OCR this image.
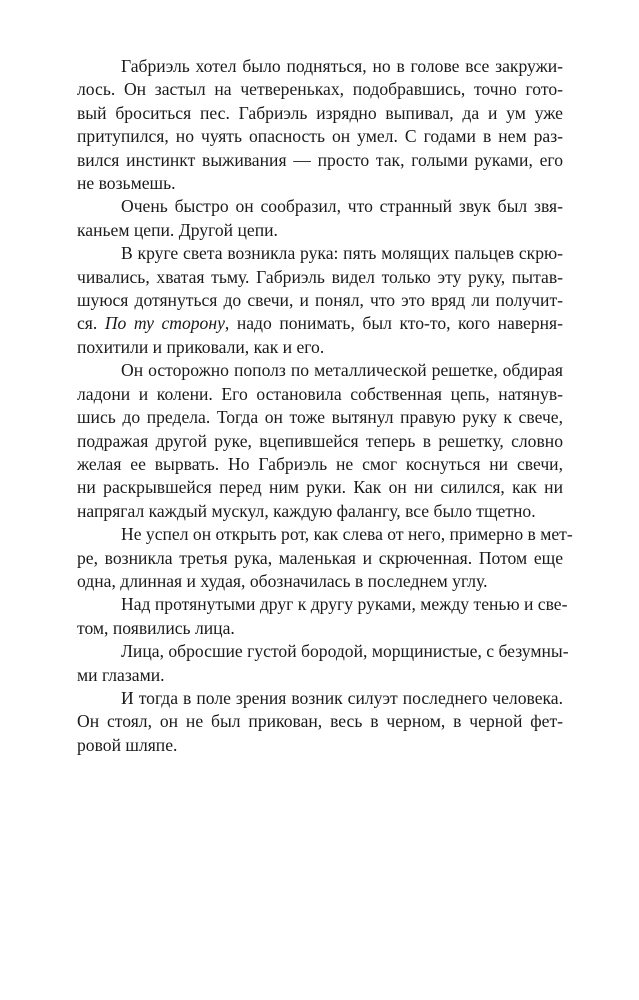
Габриэль хотел было подняться, но в голове все закружи-
лось. Он застыл на четвереньках, подобравшись, точно гото-
вый броситься пес. Габриэль изрядно выпивал, да и ум уже
притупился, но чуять опасность он умел. С годами в нем раз-
вился инстинкт выживания — просто так, голыми руками, его
не возьмешь.
Очень быстро он сообразил, что странный звук был звя-
каньем цепи. Другой цепи.
В круге света возникла рука: пять молящих пальцев скрю-
чивались, хватая тьму. Габриэль видел только эту руку, пытав-
шуюся дотянуться до свечи, и понял, что это вряд ли получит-
ся. По ту сторону, надо понимать, был кто-то, кого наверня-
похитили и приковали, как и его.
Он осторожно пополз по металлической решетке, обдирая
ладони и колени. Его остановила собственная цепь, натянув-
шись до предела. Тогда он тоже вытянул правую руку к свече,
подражая другой руке, вцепившейся теперь в решетку, словно
желая ее вырвать. Но Габриэль не смог коснуться ни свечи,
ни раскрывшейся перед ним руки. Как он ни силился, как ни
напрягал каждый мускул, каждую фалангу, все было тщетно.
Не успел он открыть рот, как слева от него, примерно в мет-
ре, возникла третья рука, маленькая и скрюченная. Потом еще
одна, длинная и худая, обозначилась в последнем углу.
Над протянутыми друг к другу руками, между тенью и све-
том, появились лица.
Лица, обросшие густой бородой, морщинистые, с безумны-
ми глазами.
И тогда в поле зрения возник силуэт последнего человека.
Он стоял, он не был прикован, весь в черном, в черной фет-
ровой шляпе.
